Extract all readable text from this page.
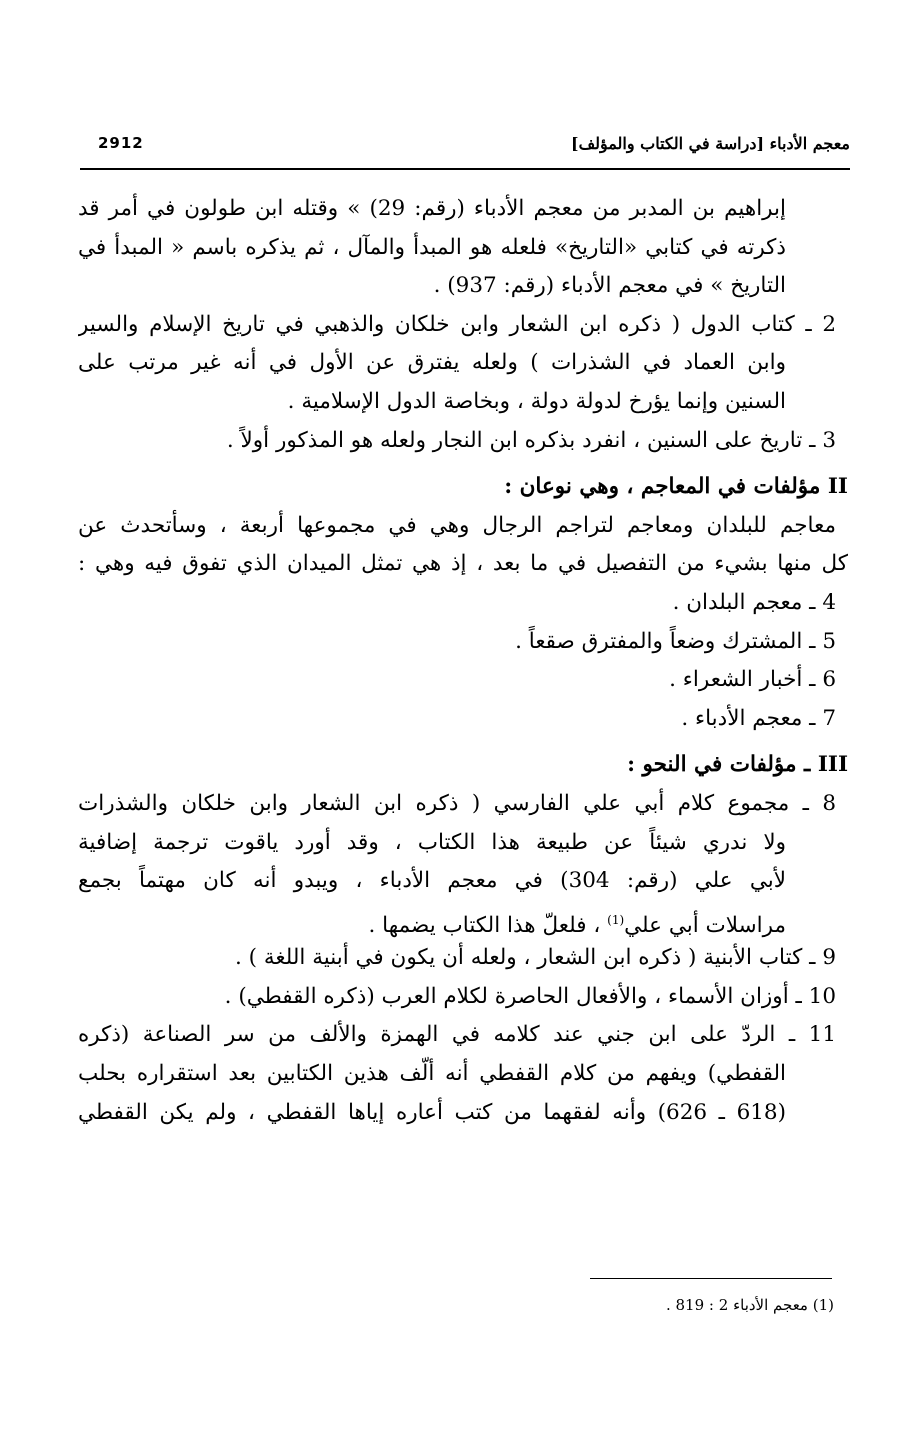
معجم الأدباء [دراسة في الكتاب والمؤلف]
2912
إبراهيم بن المدبر من معجم الأدباء (رقم: 29) » وقتله ابن طولون في أمر قد
ذكرته في كتابي «التاريخ» فلعله هو المبدأ والمآل ، ثم يذكره باسم « المبدأ في
التاريخ » في معجم الأدباء (رقم: 937) .
2 ـ كتاب الدول ( ذكره ابن الشعار وابن خلكان والذهبي في تاريخ الإسلام والسير
وابن العماد في الشذرات ) ولعله يفترق عن الأول في أنه غير مرتب على
السنين وإنما يؤرخ لدولة دولة ، وبخاصة الدول الإسلامية .
3 ـ تاريخ على السنين ، انفرد بذكره ابن النجار ولعله هو المذكور أولاً .
II مؤلفات في المعاجم ، وهي نوعان :
معاجم للبلدان ومعاجم لتراجم الرجال وهي في مجموعها أربعة ، وسأتحدث عن
كل منها بشيء من التفصيل في ما بعد ، إذ هي تمثل الميدان الذي تفوق فيه وهي :
4 ـ معجم البلدان .
5 ـ المشترك وضعاً والمفترق صقعاً .
6 ـ أخبار الشعراء .
7 ـ معجم الأدباء .
III ـ مؤلفات في النحو :
8 ـ مجموع كلام أبي علي الفارسي ( ذكره ابن الشعار وابن خلكان والشذرات
ولا ندري شيئاً عن طبيعة هذا الكتاب ، وقد أورد ياقوت ترجمة إضافية
لأبي علي (رقم: 304) في معجم الأدباء ، ويبدو أنه كان مهتماً بجمع
مراسلات أبي علي$^{(1)}$ ، فلعلّ هذا الكتاب يضمها .
9 ـ كتاب الأبنية ( ذكره ابن الشعار ، ولعله أن يكون في أبنية اللغة ) .
10 ـ أوزان الأسماء ، والأفعال الحاصرة لكلام العرب (ذكره القفطي) .
11 ـ الردّ على ابن جني عند كلامه في الهمزة والألف من سر الصناعة (ذكره
القفطي) ويفهم من كلام القفطي أنه ألّف هذين الكتابين بعد استقراره بحلب
(618 ـ 626) وأنه لفقهما من كتب أعاره إياها القفطي ، ولم يكن القفطي
(1) معجم الأدباء 2 : 819 .
